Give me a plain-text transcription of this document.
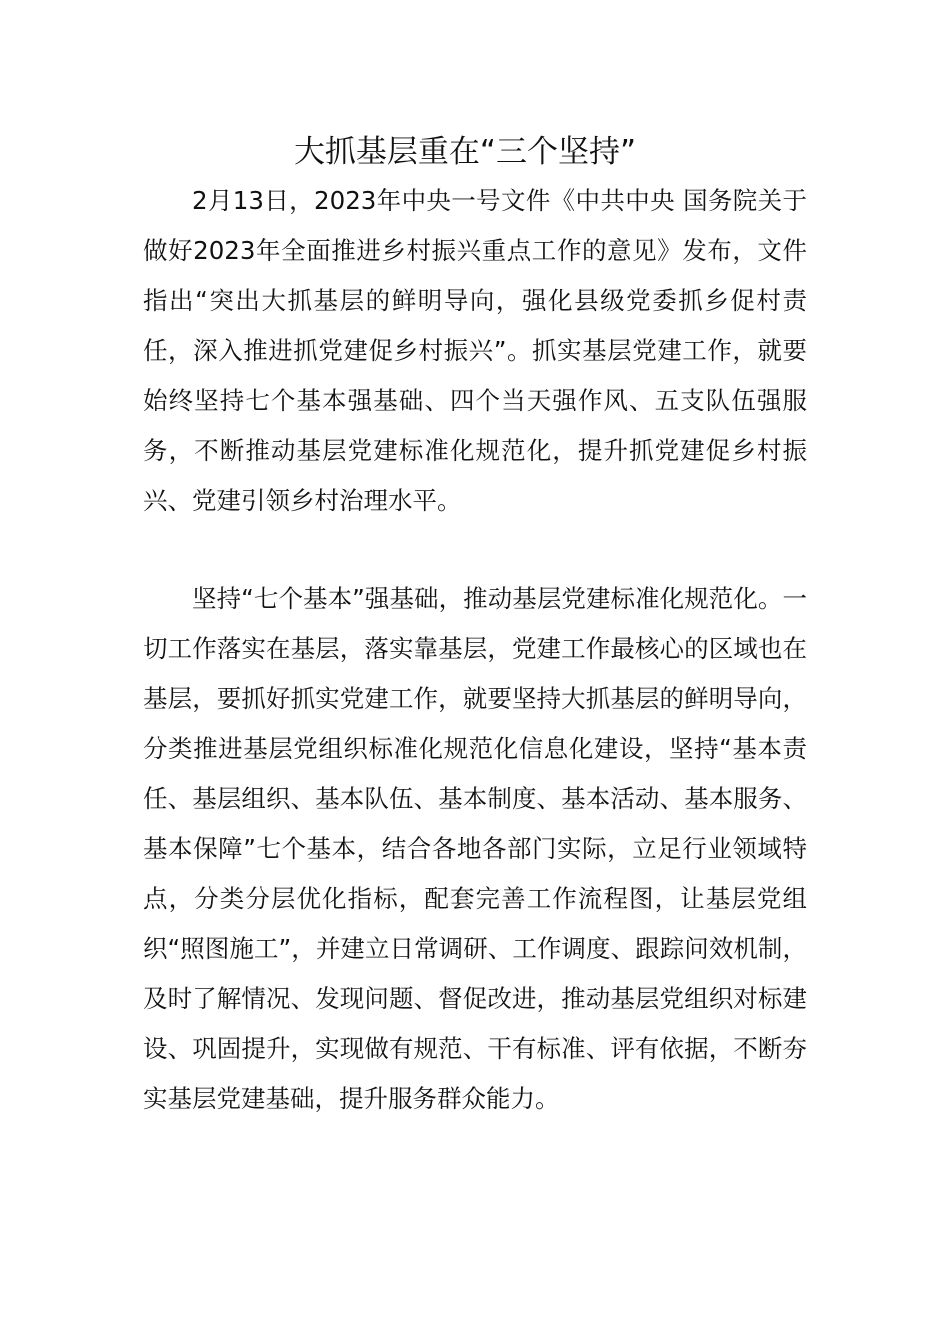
大抓基层重在“三个坚持”

2月13日，2023年中央一号文件《中共中央 国务院关于做好2023年全面推进乡村振兴重点工作的意见》发布，文件指出“突出大抓基层的鲜明导向，强化县级党委抓乡促村责任，深入推进抓党建促乡村振兴”。抓实基层党建工作，就要始终坚持七个基本强基础、四个当天强作风、五支队伍强服务，不断推动基层党建标准化规范化，提升抓党建促乡村振兴、党建引领乡村治理水平。

坚持“七个基本”强基础，推动基层党建标准化规范化。一切工作落实在基层，落实靠基层，党建工作最核心的区域也在基层，要抓好抓实党建工作，就要坚持大抓基层的鲜明导向，分类推进基层党组织标准化规范化信息化建设，坚持“基本责任、基层组织、基本队伍、基本制度、基本活动、基本服务、基本保障”七个基本，结合各地各部门实际，立足行业领域特点，分类分层优化指标，配套完善工作流程图，让基层党组织“照图施工”，并建立日常调研、工作调度、跟踪问效机制，及时了解情况、发现问题、督促改进，推动基层党组织对标建设、巩固提升，实现做有规范、干有标准、评有依据，不断夯实基层党建基础，提升服务群众能力。
